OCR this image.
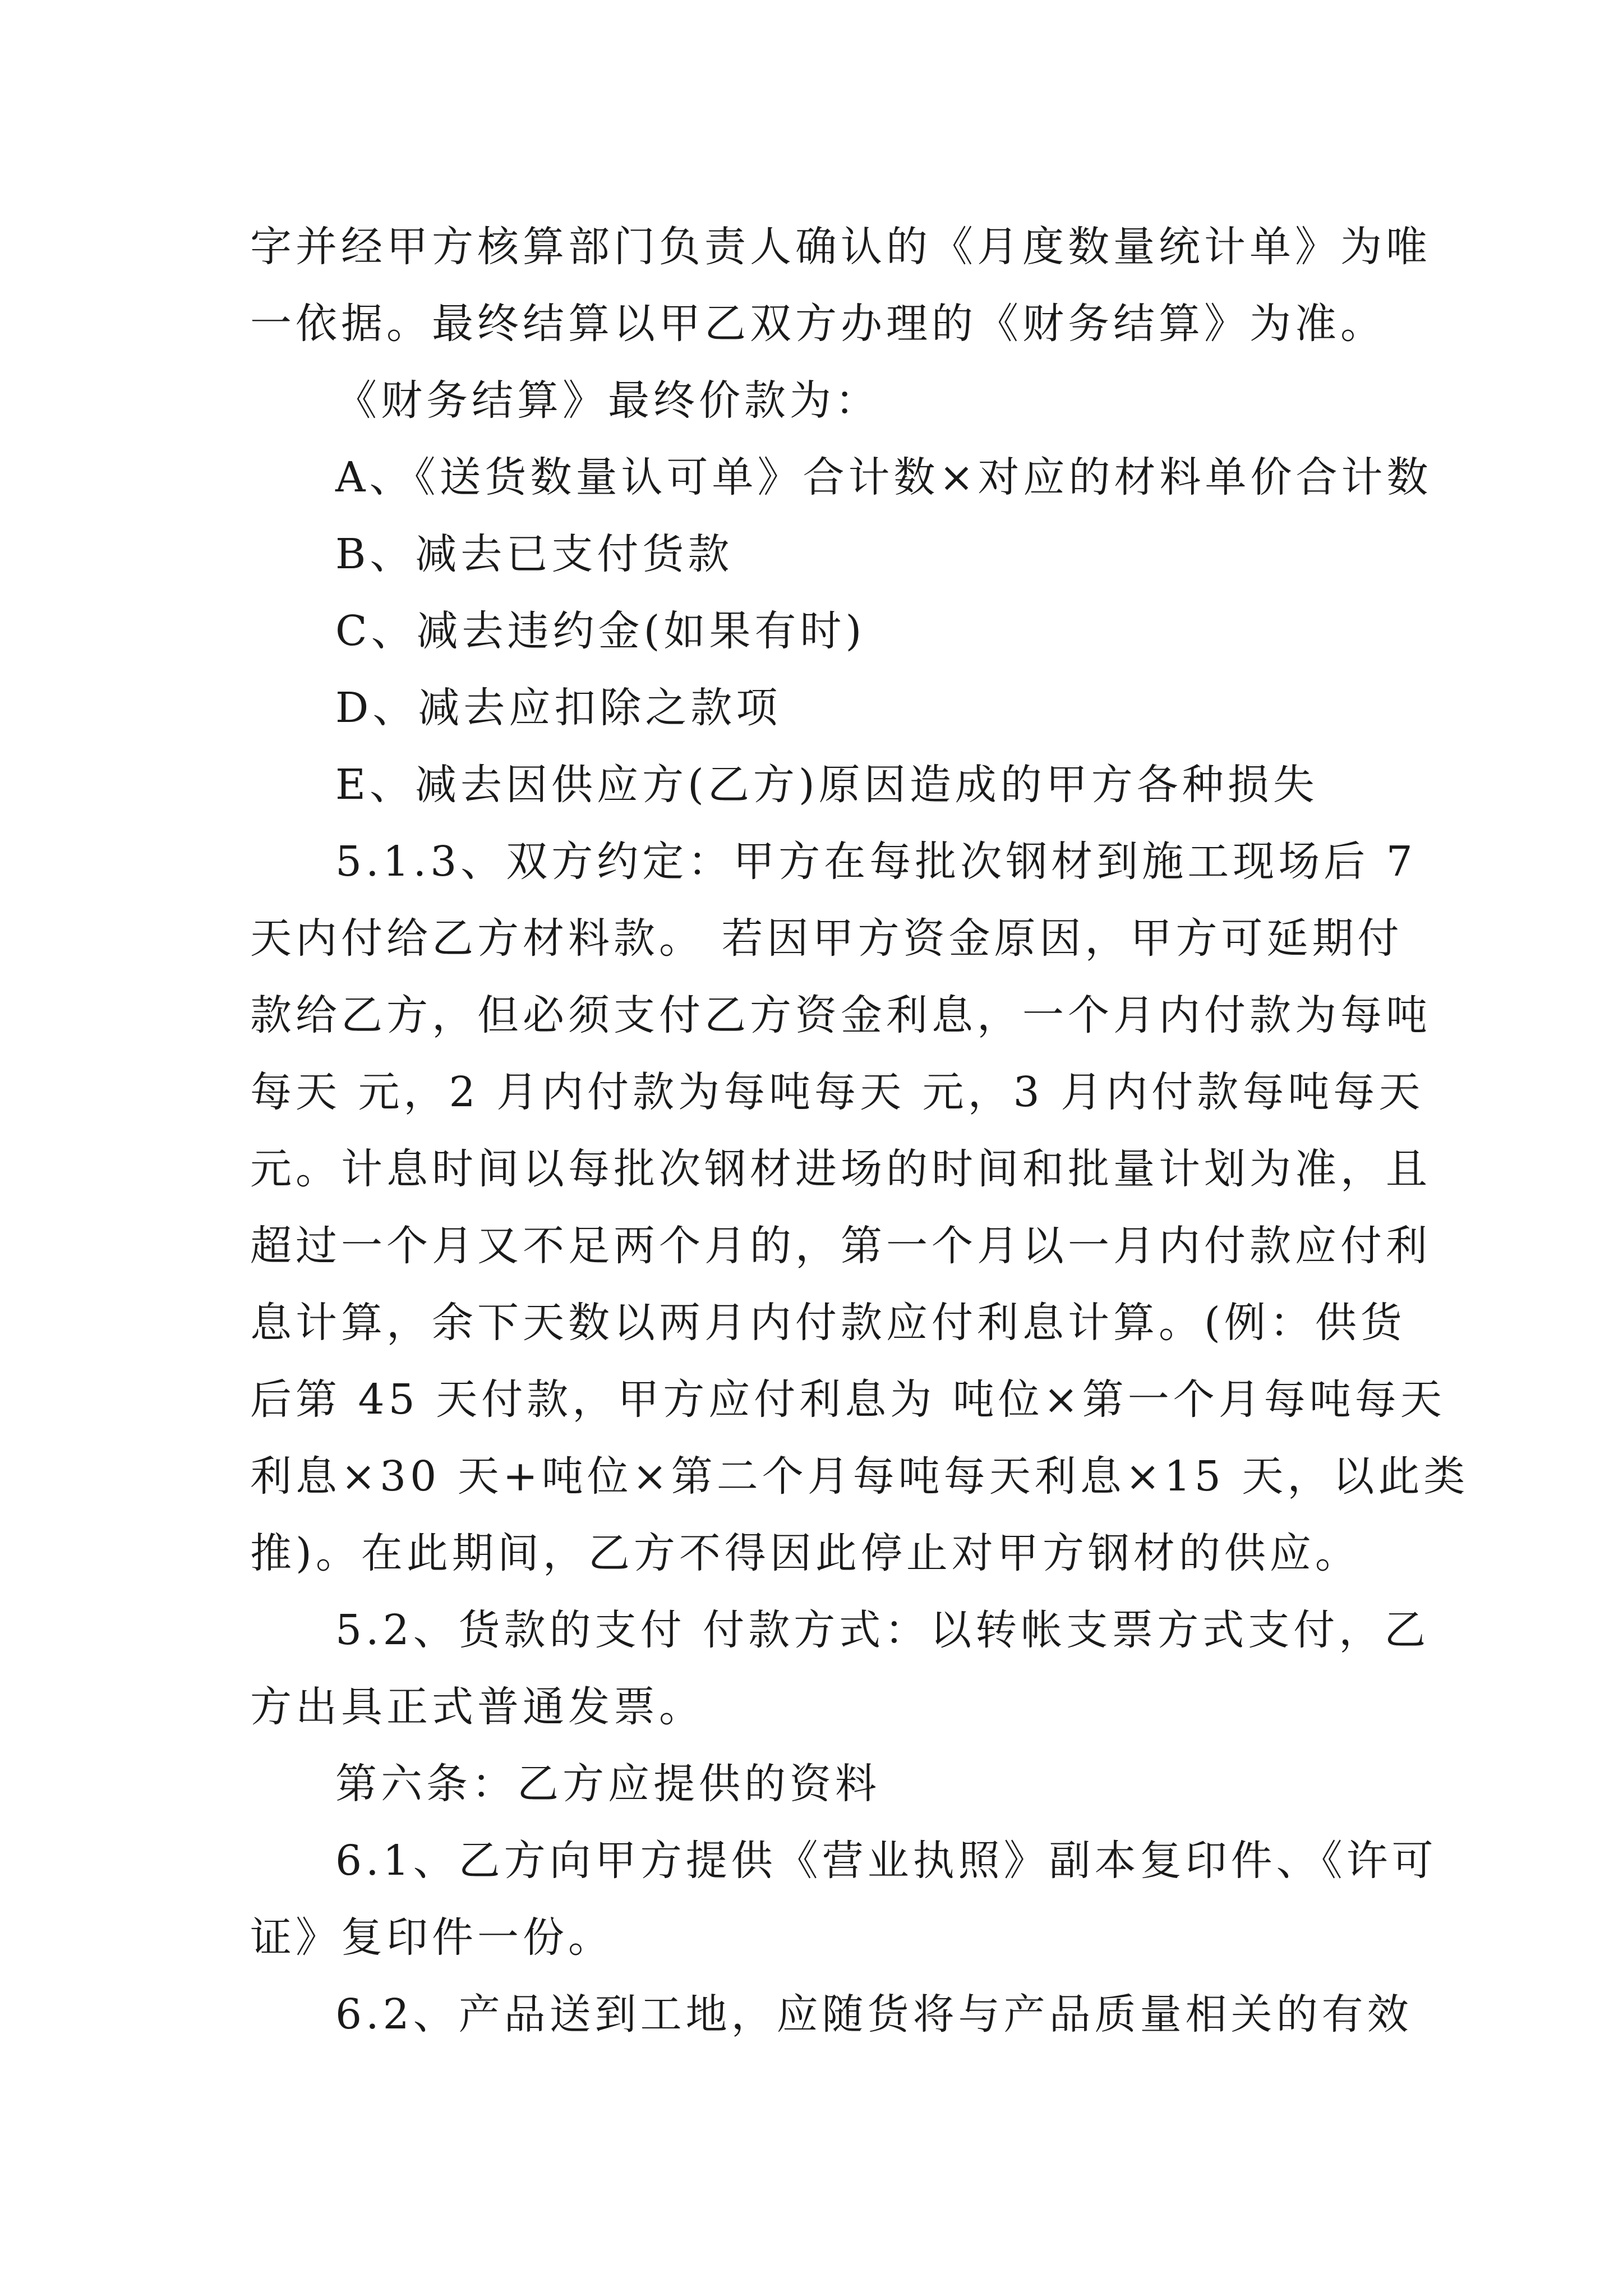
字并经甲方核算部门负责人确认的《月度数量统计单》为唯
一依据。最终结算以甲乙双方办理的《财务结算》为准。

《财务结算》最终价款为：

A、《送货数量认可单》合计数×对应的材料单价合计数

B、减去已支付货款

C、减去违约金(如果有时)

D、减去应扣除之款项

E、减去因供应方(乙方)原因造成的甲方各种损失

5.1.3、双方约定：甲方在每批次钢材到施工现场后 7
天内付给乙方材料款。 若因甲方资金原因，甲方可延期付
款给乙方，但必须支付乙方资金利息，一个月内付款为每吨
每天 元，2 月内付款为每吨每天 元，3 月内付款每吨每天
元。计息时间以每批次钢材进场的时间和批量计划为准，且
超过一个月又不足两个月的，第一个月以一月内付款应付利
息计算，余下天数以两月内付款应付利息计算。(例：供货
后第 45 天付款，甲方应付利息为 吨位×第一个月每吨每天
利息×30 天+吨位×第二个月每吨每天利息×15 天，以此类
推)。在此期间，乙方不得因此停止对甲方钢材的供应。

5.2、货款的支付 付款方式：以转帐支票方式支付，乙
方出具正式普通发票。

第六条：乙方应提供的资料

6.1、乙方向甲方提供《营业执照》副本复印件、《许可
证》复印件一份。

6.2、产品送到工地，应随货将与产品质量相关的有效
